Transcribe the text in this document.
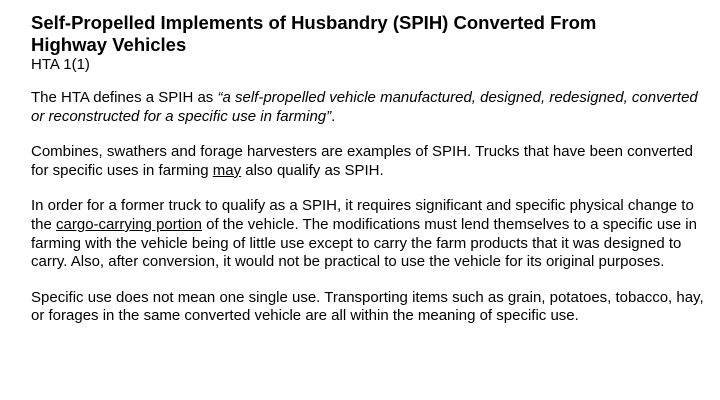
Self-Propelled Implements of Husbandry (SPIH) Converted From
Highway Vehicles
HTA 1(1)

The HTA defines a SPIH as “a self-propelled vehicle manufactured, designed, redesigned, converted or reconstructed for a specific use in farming”.

Combines, swathers and forage harvesters are examples of SPIH. Trucks that have been converted for specific uses in farming may also qualify as SPIH.

In order for a former truck to qualify as a SPIH, it requires significant and specific physical change to the cargo-carrying portion of the vehicle. The modifications must lend themselves to a specific use in farming with the vehicle being of little use except to carry the farm products that it was designed to carry. Also, after conversion, it would not be practical to use the vehicle for its original purposes.

Specific use does not mean one single use. Transporting items such as grain, potatoes, tobacco, hay, or forages in the same converted vehicle are all within the meaning of specific use.
